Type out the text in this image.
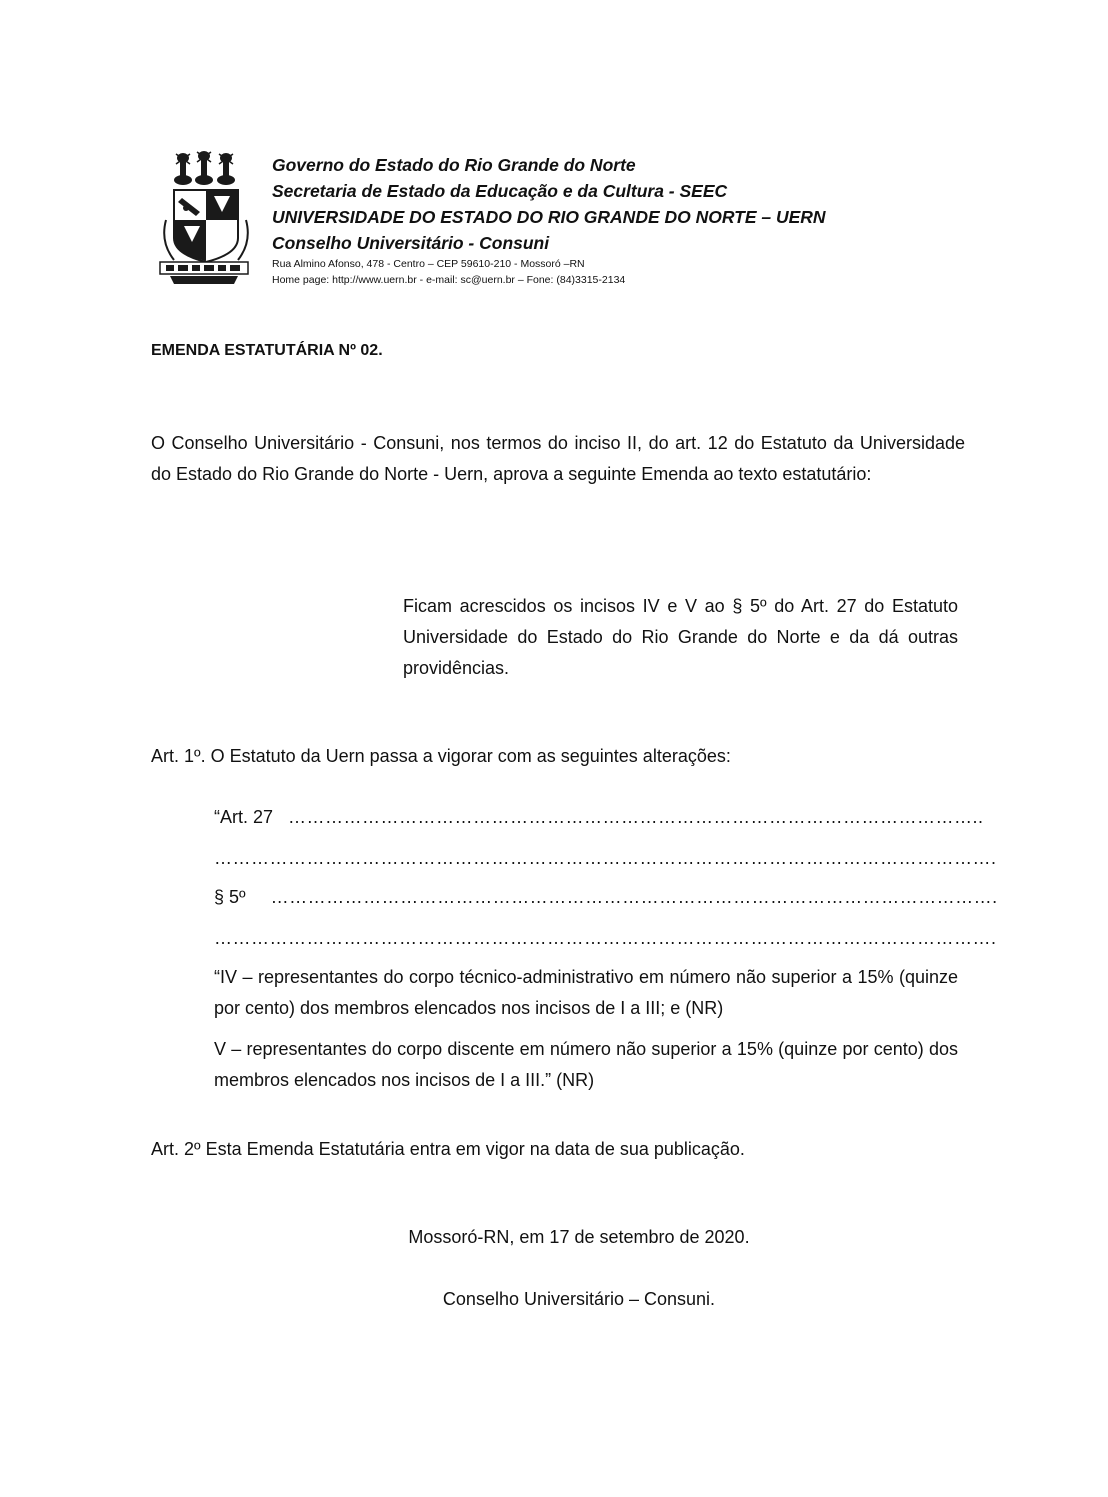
Governo do Estado do Rio Grande do Norte
Secretaria de Estado da Educação e da Cultura - SEEC
UNIVERSIDADE DO ESTADO DO RIO GRANDE DO NORTE – UERN
Conselho Universitário - Consuni
Rua Almino Afonso, 478 - Centro – CEP 59610-210 - Mossoró –RN
Home page: http://www.uern.br - e-mail: sc@uern.br – Fone: (84)3315-2134
EMENDA ESTATUTÁRIA Nº 02.
O Conselho Universitário - Consuni, nos termos do inciso II, do art. 12 do Estatuto da Universidade do Estado do Rio Grande do Norte - Uern, aprova a seguinte Emenda ao texto estatutário:
Ficam acrescidos os incisos IV e V ao § 5º do Art. 27 do Estatuto Universidade do Estado do Rio Grande do Norte e da dá outras providências.
Art. 1º. O Estatuto da Uern passa a vigorar com as seguintes alterações:
“Art. 27 …………………………………………………………………………………………………..
……………………………………………………………………………………………………………….
§ 5º ……………………………………………………………………………………………………….
……………………………………………………………………………………………………………….
“IV – representantes do corpo técnico-administrativo em número não superior a 15% (quinze por cento) dos membros elencados nos incisos de I a III; e (NR)
V – representantes do corpo discente em número não superior a 15% (quinze por cento) dos membros elencados nos incisos de I a III.” (NR)
Art. 2º Esta Emenda Estatutária entra em vigor na data de sua publicação.
Mossoró-RN, em 17 de setembro de 2020.
Conselho Universitário – Consuni.
